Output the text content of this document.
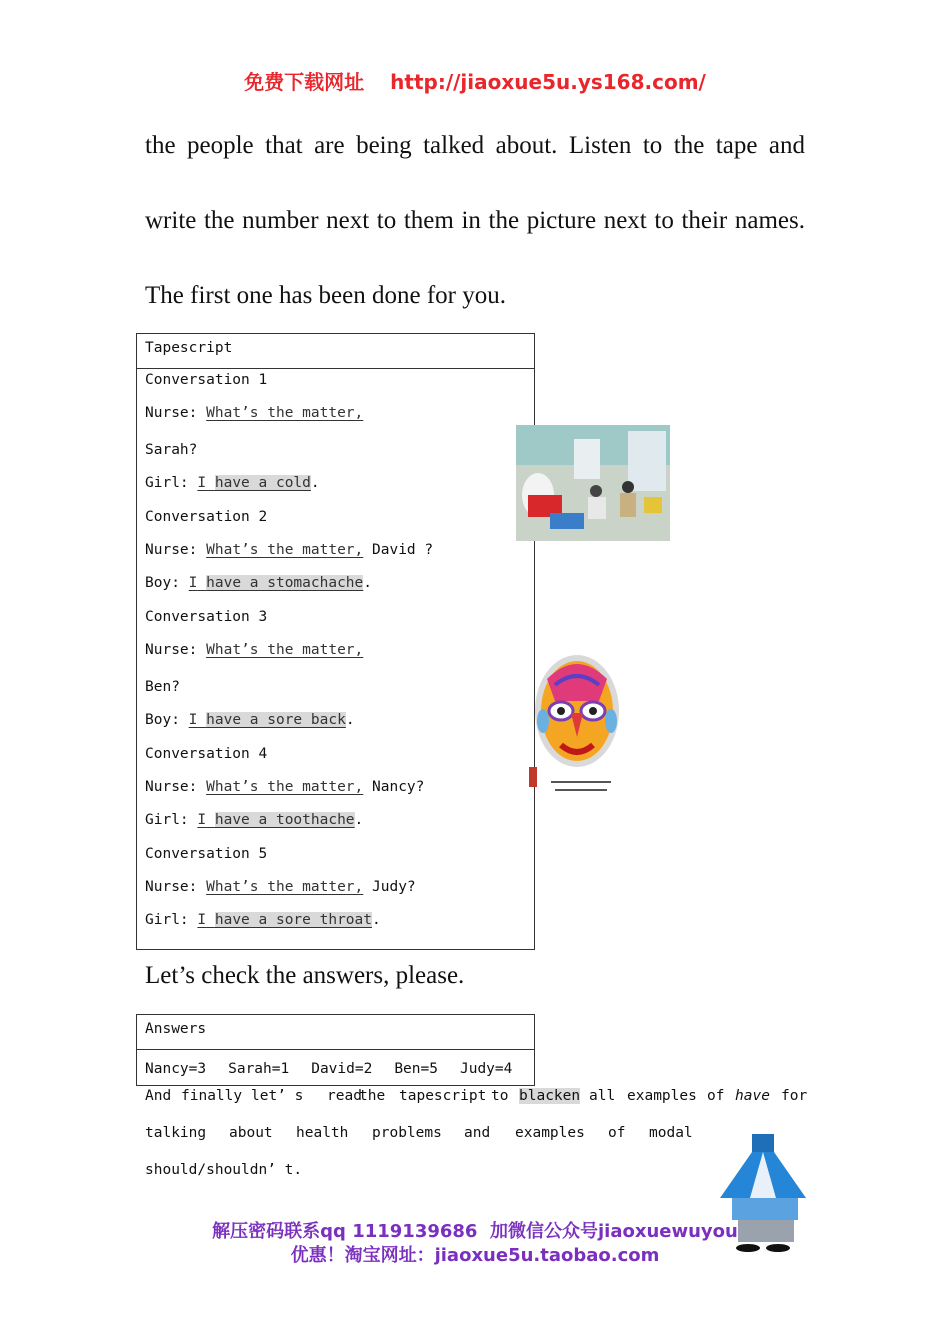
免费下载网址 http://jiaoxue5u.ys168.com/
the people that are being talked about. Listen to the tape and
write the number next to them in the picture next to their names.
The first one has been done for you.
Tapescript
Conversation 1
Nurse: What’s the matter,
Sarah?
Girl: I have a cold.
Conversation 2
Nurse: What’s the matter, David ?
Boy: I have a stomachache.
Conversation 3
Nurse: What’s the matter,
Ben?
Boy: I have a sore back.
Conversation 4
Nurse: What’s the matter, Nancy?
Girl: I have a toothache.
Conversation 5
Nurse: What’s the matter, Judy?
Girl: I have a sore throat.
Let’s check the answers, please.
Answers
Nancy=3 Sarah=1 David=2 Ben=5 Judy=4
And finally let’ s read
the tapescript to blacken all examples of have for
talking about health problems and examples of modal
should/shouldn’ t.
解压密码联系qq 1119139686 加微信公众号jiaoxuewuyou
优惠！淘宝网址：jiaoxue5u.taobao.com
